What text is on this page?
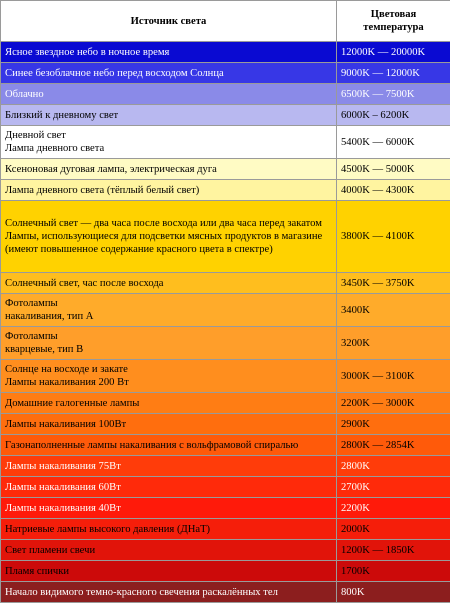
Источник света	Цветовая температура
Ясное звездное небо в ночное время	12000K — 20000K
Синее безоблачное небо перед восходом Солнца	9000K — 12000K
Облачно	6500K — 7500K
Близкий к дневному свет	6000K – 6200K
Дневной свет
Лампа дневного света	5400K — 6000K
Ксеноновая дуговая лампа, электрическая дуга	4500K — 5000K
Лампа дневного света (тёплый белый свет)	4000K — 4300K
Солнечный свет — два часа после восхода или два часа перед закатом
Лампы, использующиеся для подсветки мясных продуктов в магазине (имеют повышенное содержание красного цвета в спектре)	3800K — 4100K
Солнечный свет, час после восхода	3450K — 3750K
Фотолампы
накаливания, тип A	3400K
Фотолампы
кварцевые, тип B	3200K
Солнце на восходе и закате
Лампы накаливания 200 Вт	3000K — 3100K
Домашние галогенные лампы	2200K — 3000K
Лампы накаливания 100Вт	2900K
Газонаполненные лампы накаливания с вольфрамовой спиралью	2800K — 2854K
Лампы накаливания 75Вт	2800K
Лампы накаливания 60Вт	2700K
Лампы накаливания 40Вт	2200K
Натриевые лампы высокого давления (ДНаТ)	2000K
Свет пламени свечи	1200K — 1850K
Пламя спички	1700K
Начало видимого темно-красного свечения раскалённых тел	800K
